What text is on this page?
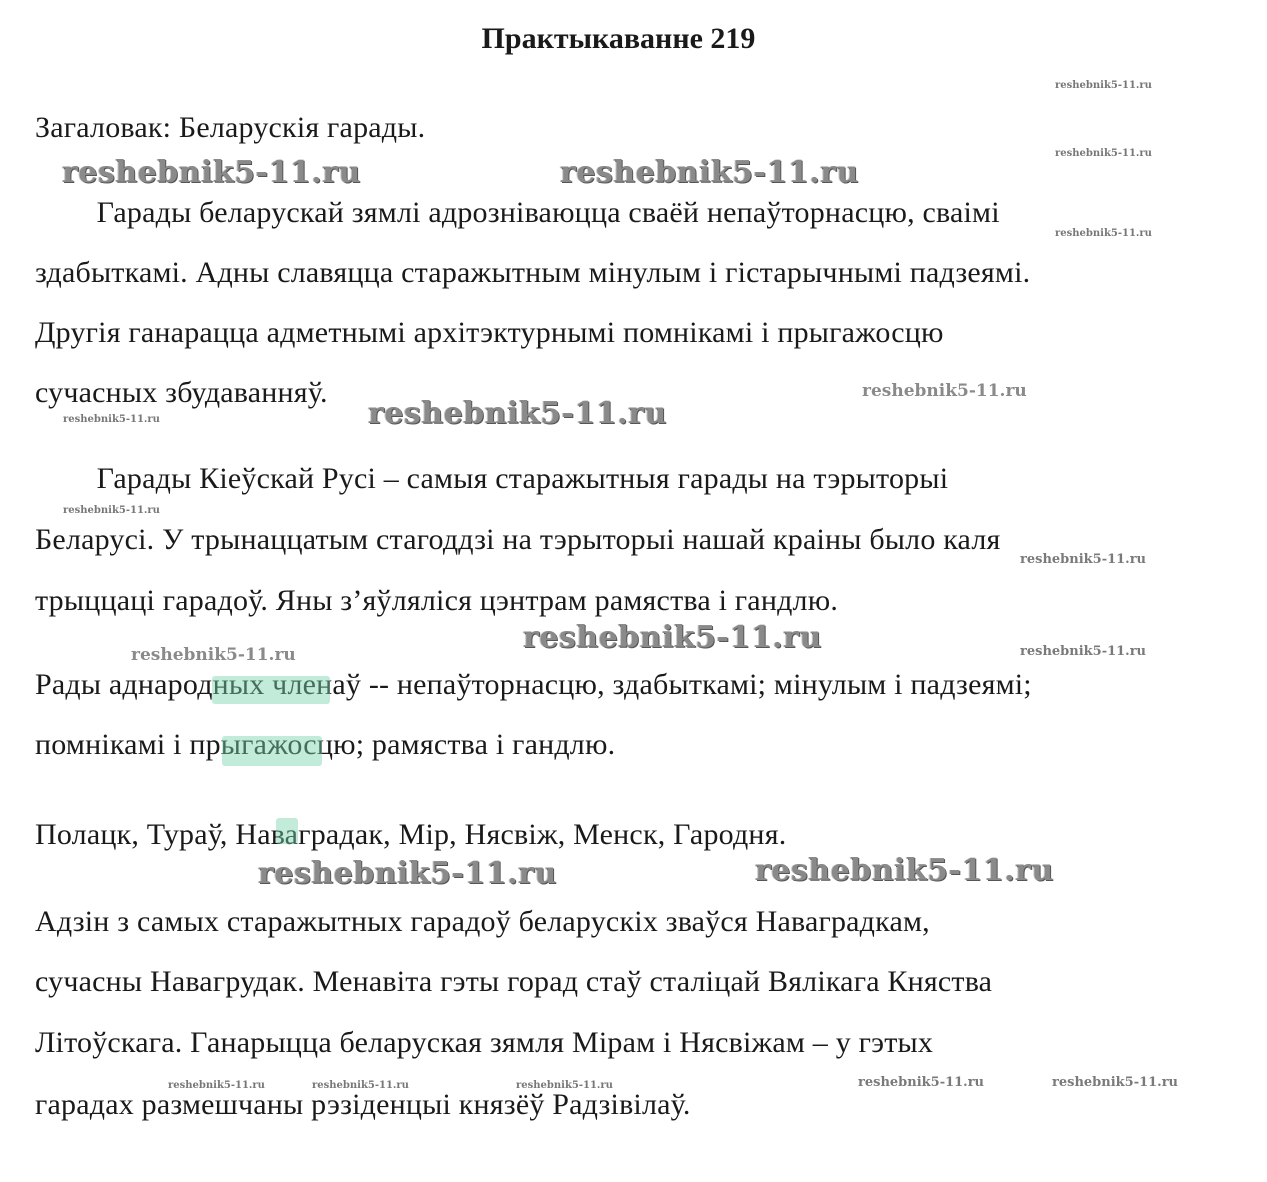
Практыкаванне 219
Загаловак: Беларускія гарады.
Гарады беларускай зямлі адрозніваюцца сваёй непаўторнасцю, сваімі
здабыткамі. Адны славяцца старажытным мінулым і гістарычнымі падзеямі.
Другія ганарацца адметнымі архітэктурнымі помнікамі і прыгажосцю
сучасных збудаванняў.
Гарады Кіеўскай Русі – самыя старажытныя гарады на тэрыторыі
Беларусі. У трынаццатым стагоддзі на тэрыторыі нашай краіны было каля
трыццаці гарадоў. Яны з’яўляліся цэнтрам рамяства і гандлю.
Рады аднародных членаў -- непаўторнасцю, здабыткамі; мінулым і падзеямі;
помнікамі і прыгажосцю; рамяства і гандлю.
Полацк, Тураў, Наваградак, Мір, Нясвіж, Менск, Гародня.
Адзін з самых старажытных гарадоў беларускіх зваўся Наваградкам,
сучасны Навагрудак. Менавіта гэты горад стаў сталіцай Вялікага Княства
Літоўскага. Ганарыцца беларуская зямля Мірам і Нясвіжам – у гэтых
гарадах размешчаны рэзіденцыі князёў Радзівілаў.
reshebnik5-11.ru
reshebnik5-11.ru
reshebnik5-11.ru
reshebnik5-11.ru	reshebnik5-11.ru
reshebnik5-11.ru
reshebnik5-11.ru	reshebnik5-11.ru
reshebnik5-11.ru
reshebnik5-11.ru
reshebnik5-11.ru
reshebnik5-11.ru	reshebnik5-11.ru
reshebnik5-11.ru	reshebnik5-11.ru
reshebnik5-11.ru	reshebnik5-11.ru	reshebnik5-11.ru	reshebnik5-11.ru	reshebnik5-11.ru
